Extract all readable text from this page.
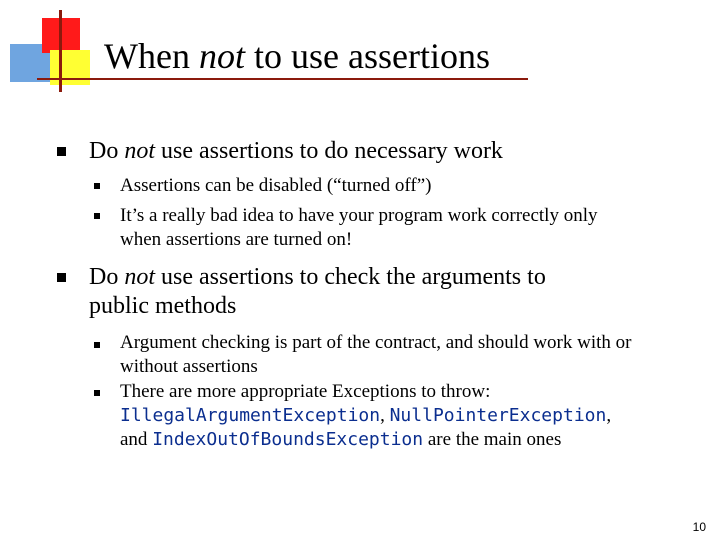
When not to use assertions

Do not use assertions to do necessary work

Assertions can be disabled (“turned off”)

It’s a really bad idea to have your program work correctly only when assertions are turned on!

Do not use assertions to check the arguments to
public methods

Argument checking is part of the contract, and should work with or without assertions

There are more appropriate Exceptions to throw:
IllegalArgumentException, NullPointerException,
and IndexOutOfBoundsException are the main ones

10
